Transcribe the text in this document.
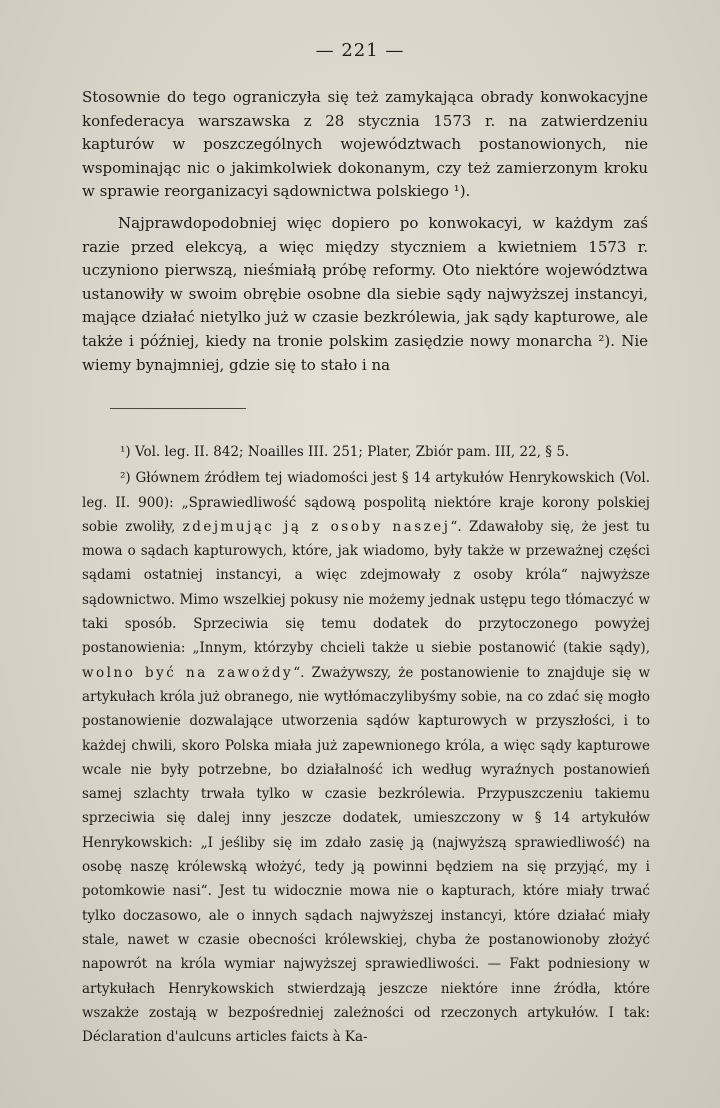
— 221 —

Stosownie do tego ograniczyła się też zamykająca obrady konwokacyjne konfederacya warszawska z 28 stycznia 1573 r. na zatwierdzeniu kapturów w poszczególnych województwach postanowionych, nie wspominając nic o jakimkolwiek dokonanym, czy też zamierzonym kroku w sprawie reorganizacyi sądownictwa polskiego ¹).

Najprawdopodobniej więc dopiero po konwokacyi, w każdym zaś razie przed elekcyą, a więc między styczniem a kwietniem 1573 r. uczyniono pierwszą, nieśmiałą próbę reformy. Oto niektóre województwa ustanowiły w swoim obrębie osobne dla siebie sądy najwyższej instancyi, mające działać nietylko już w czasie bezkrólewia, jak sądy kapturowe, ale także i później, kiedy na tronie polskim zasiędzie nowy monarcha ²). Nie wiemy bynajmniej, gdzie się to stało i na

¹) Vol. leg. II. 842; Noailles III. 251; Plater, Zbiór pam. III, 22, § 5.

²) Głównem źródłem tej wiadomości jest § 14 artykułów Henrykowskich (Vol. leg. II. 900): „Sprawiedliwość sądową pospolitą niektóre kraje korony polskiej sobie zwoliły, zdejmując ją z osoby naszej“. Zdawałoby się, że jest tu mowa o sądach kapturowych, które, jak wiadomo, były także w przeważnej części sądami ostatniej instancyi, a więc zdejmowały z osoby króla“ najwyższe sądownictwo. Mimo wszelkiej pokusy nie możemy jednak ustępu tego tłómaczyć w taki sposób. Sprzeciwia się temu dodatek do przytoczonego powyżej postanowienia: „Innym, którzyby chcieli także u siebie postanowić (takie sądy), wolno być na zawożdy“. Zważywszy, że postanowienie to znajduje się w artykułach króla już obranego, nie wytłómaczylibyśmy sobie, na co zdać się mogło postanowienie dozwalające utworzenia sądów kapturowych w przyszłości, i to każdej chwili, skoro Polska miała już zapewnionego króla, a więc sądy kapturowe wcale nie były potrzebne, bo działalność ich według wyraźnych postanowień samej szlachty trwała tylko w czasie bezkrólewia. Przypuszczeniu takiemu sprzeciwia się dalej inny jeszcze dodatek, umieszczony w § 14 artykułów Henrykowskich: „I jeśliby się im zdało zasię ją (najwyższą sprawiedliwość) na osobę naszę królewską włożyć, tedy ją powinni będziem na się przyjąć, my i potomkowie nasi“. Jest tu widocznie mowa nie o kapturach, które miały trwać tylko doczasowo, ale o innych sądach najwyższej instancyi, które działać miały stale, nawet w czasie obecności królewskiej, chyba że postanowionoby złożyć napowrót na króla wymiar najwyższej sprawiedliwości. — Fakt podniesiony w artykułach Henrykowskich stwierdzają jeszcze niektóre inne źródła, które wszakże zostają w bezpośredniej zależności od rzeczonych artykułów. I tak: Déclaration d'aulcuns articles faicts à Ka-
